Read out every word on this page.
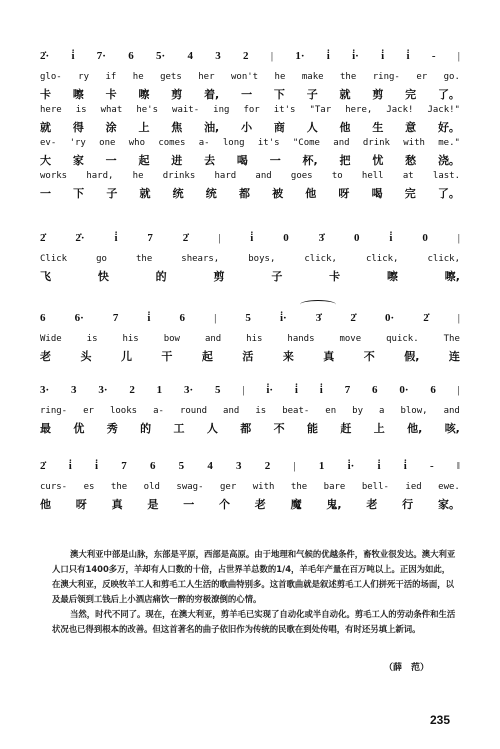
2̇· i̇ 7· 6 5· 4 3 2 | 1· i̇ i̇· i̇ i̇ - |
glo- ry if he gets her won't he make the ring- er go.
卡 嚓 卡 嚓 剪 着, 一 下 子 就 剪 完 了。
here is what he's wait- ing for it's "Tar here, Jack! Jack!"
就 得 涂 上 焦 油, 小 商 人 他 生 意 好。
ev- 'ry one who comes a- long it's "Come and drink with me."
大 家 一 起 进 去 喝 一 杯, 把 忧 愁 浇。
works hard, he drinks hard and goes to hell at last.
一 下 子 就 统 统 都 被 他 呀 喝 完 了。
2̇	2̇·	i̇	7	2̇	|	i̇	0	3̇	0	i̇	0	|
Click	go	the	shears,	boys,	click,	click,	click,
飞	快	的	剪	子	卡	嚓	嚓,
6	6·	7	i̇	6	|	5	i̇·	3̇	2̇	0·	2̇	|
Wide	is	his	bow	and	his	hands	move	quick.	The
老	头	儿	干	起	活	来	真	不	假,	连
3· 3 3· 2 1 3· 5 | i̇· i̇ i̇ 7 6 0· 6 |
ring- er looks a- round and is beat- en by a blow, and
最 优 秀 的 工 人 都 不 能 赶 上 他, 咳,
2̇ i̇ i̇ 7 6 5 4 3 2 | 1 i̇· i̇ i̇ - ‖
curs- es the old swag- ger with the bare bell- ied ewe.
他 呀 真 是 一 个 老 魔 鬼, 老 行 家。

澳大利亚中部是山脉，东部是平原，西部是高原。由于地理和气候的优越条件，畜牧业很发达。澳大利亚人口只有1400多万，羊却有人口数的十倍，占世界羊总数的1/4，羊毛年产量在百万吨以上。正因为如此，在澳大利亚，反映牧羊工人和剪毛工人生活的歌曲特别多。这首歌曲就是叙述剪毛工人们拼死干活的场面，以及最后领到工钱后上小酒店痛饮一醉的穷极潦倒的心情。

当然，时代不同了。现在，在澳大利亚，剪羊毛已实现了自动化或半自动化。剪毛工人的劳动条件和生活状况也已得到根本的改善。但这首著名的曲子依旧作为传统的民歌在到处传唱，有时还另填上新词。

（薛　范）
235
